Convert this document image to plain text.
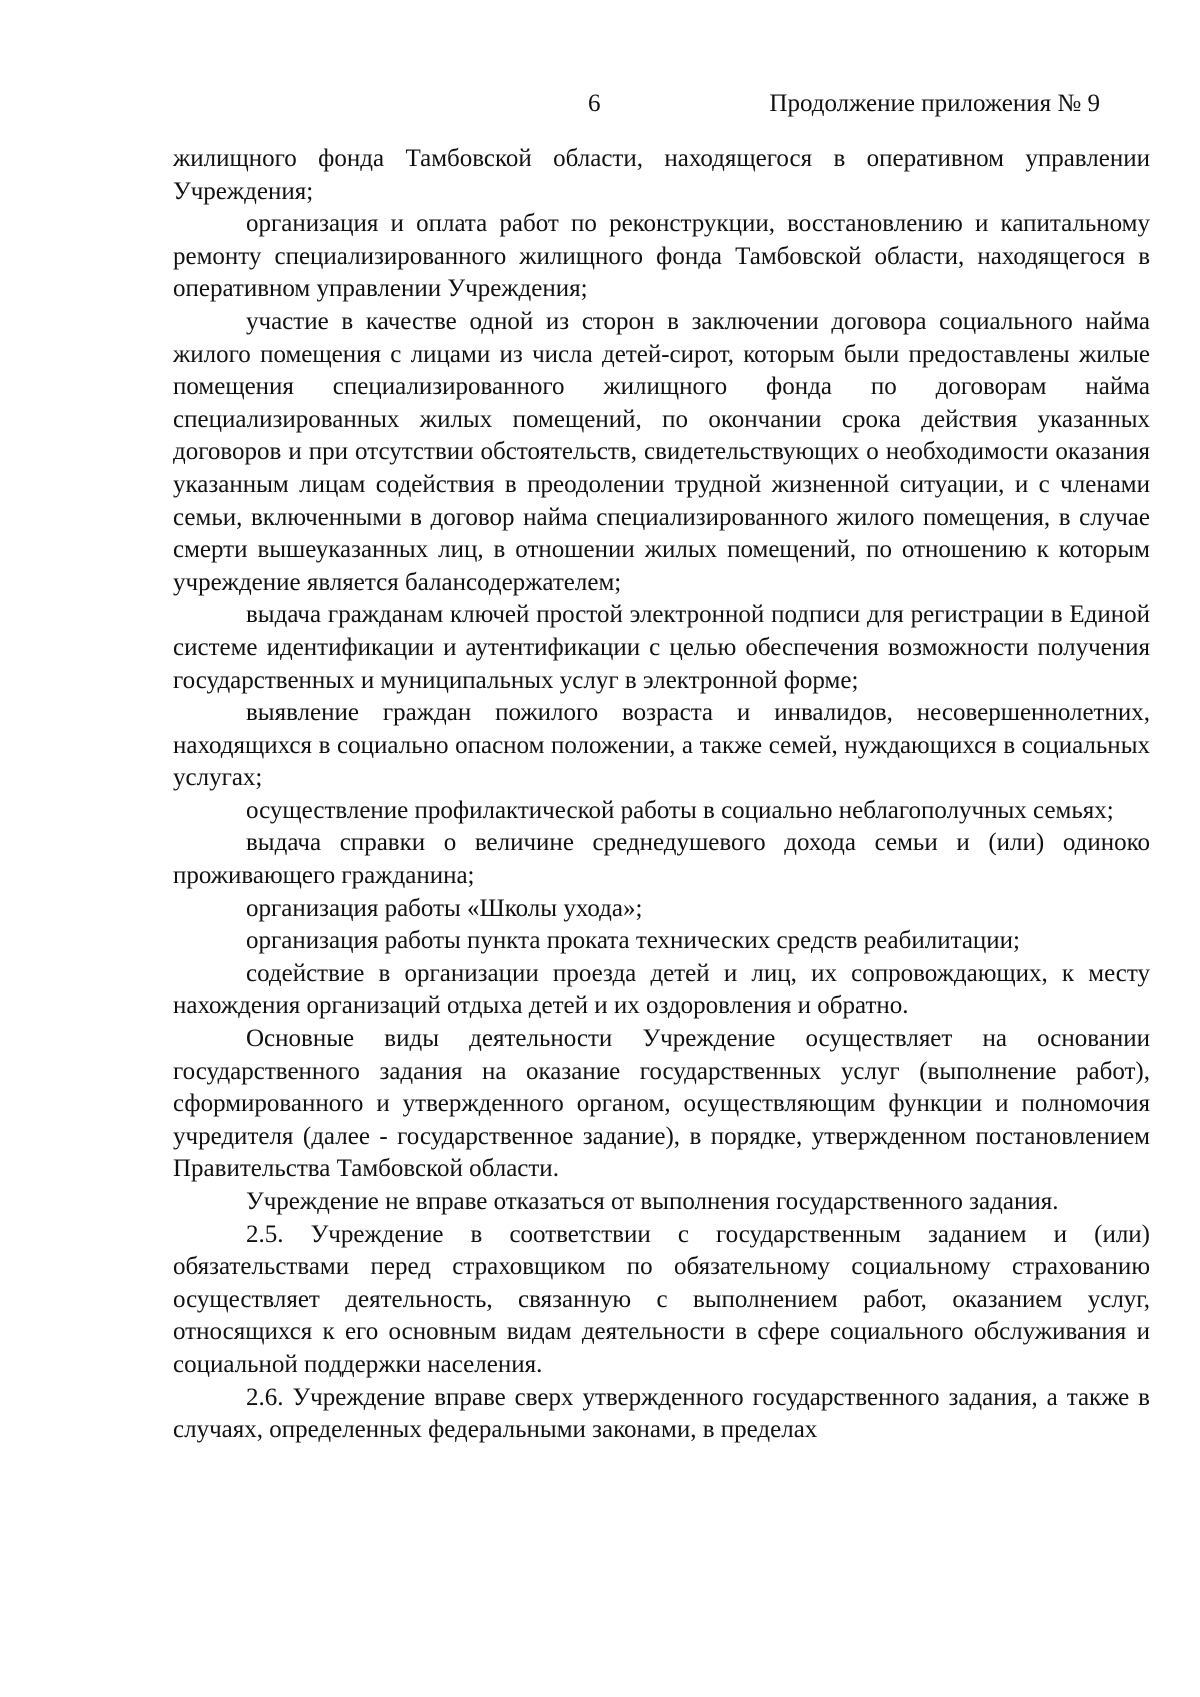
6	Продолжение приложения № 9

жилищного фонда Тамбовской области, находящегося в оперативном управлении Учреждения;

организация и оплата работ по реконструкции, восстановлению и капитальному ремонту специализированного жилищного фонда Тамбовской области, находящегося в оперативном управлении Учреждения;

участие в качестве одной из сторон в заключении договора социального найма жилого помещения с лицами из числа детей-сирот, которым были предоставлены жилые помещения специализированного жилищного фонда по договорам найма специализированных жилых помещений, по окончании срока действия указанных договоров и при отсутствии обстоятельств, свидетельствующих о необходимости оказания указанным лицам содействия в преодолении трудной жизненной ситуации, и с членами семьи, включенными в договор найма специализированного жилого помещения, в случае смерти вышеуказанных лиц, в отношении жилых помещений, по отношению к которым учреждение является балансодержателем;

выдача гражданам ключей простой электронной подписи для регистрации в Единой системе идентификации и аутентификации с целью обеспечения возможности получения государственных и муниципальных услуг в электронной форме;

выявление граждан пожилого возраста и инвалидов, несовершеннолетних, находящихся в социально опасном положении, а также семей, нуждающихся в социальных услугах;

осуществление профилактической работы в социально неблагополучных семьях;

выдача справки о величине среднедушевого дохода семьи и (или) одиноко проживающего гражданина;

организация работы «Школы ухода»;

организация работы пункта проката технических средств реабилитации;

содействие в организации проезда детей и лиц, их сопровождающих, к месту нахождения организаций отдыха детей и их оздоровления и обратно.

Основные виды деятельности Учреждение осуществляет на основании государственного задания на оказание государственных услуг (выполнение работ), сформированного и утвержденного органом, осуществляющим функции и полномочия учредителя (далее - государственное задание), в порядке, утвержденном постановлением Правительства Тамбовской области.

Учреждение не вправе отказаться от выполнения государственного задания.

2.5. Учреждение в соответствии с государственным заданием и (или) обязательствами перед страховщиком по обязательному социальному страхованию осуществляет деятельность, связанную с выполнением работ, оказанием услуг, относящихся к его основным видам деятельности в сфере социального обслуживания и социальной поддержки населения.

2.6. Учреждение вправе сверх утвержденного государственного задания, а также в случаях, определенных федеральными законами, в пределах
